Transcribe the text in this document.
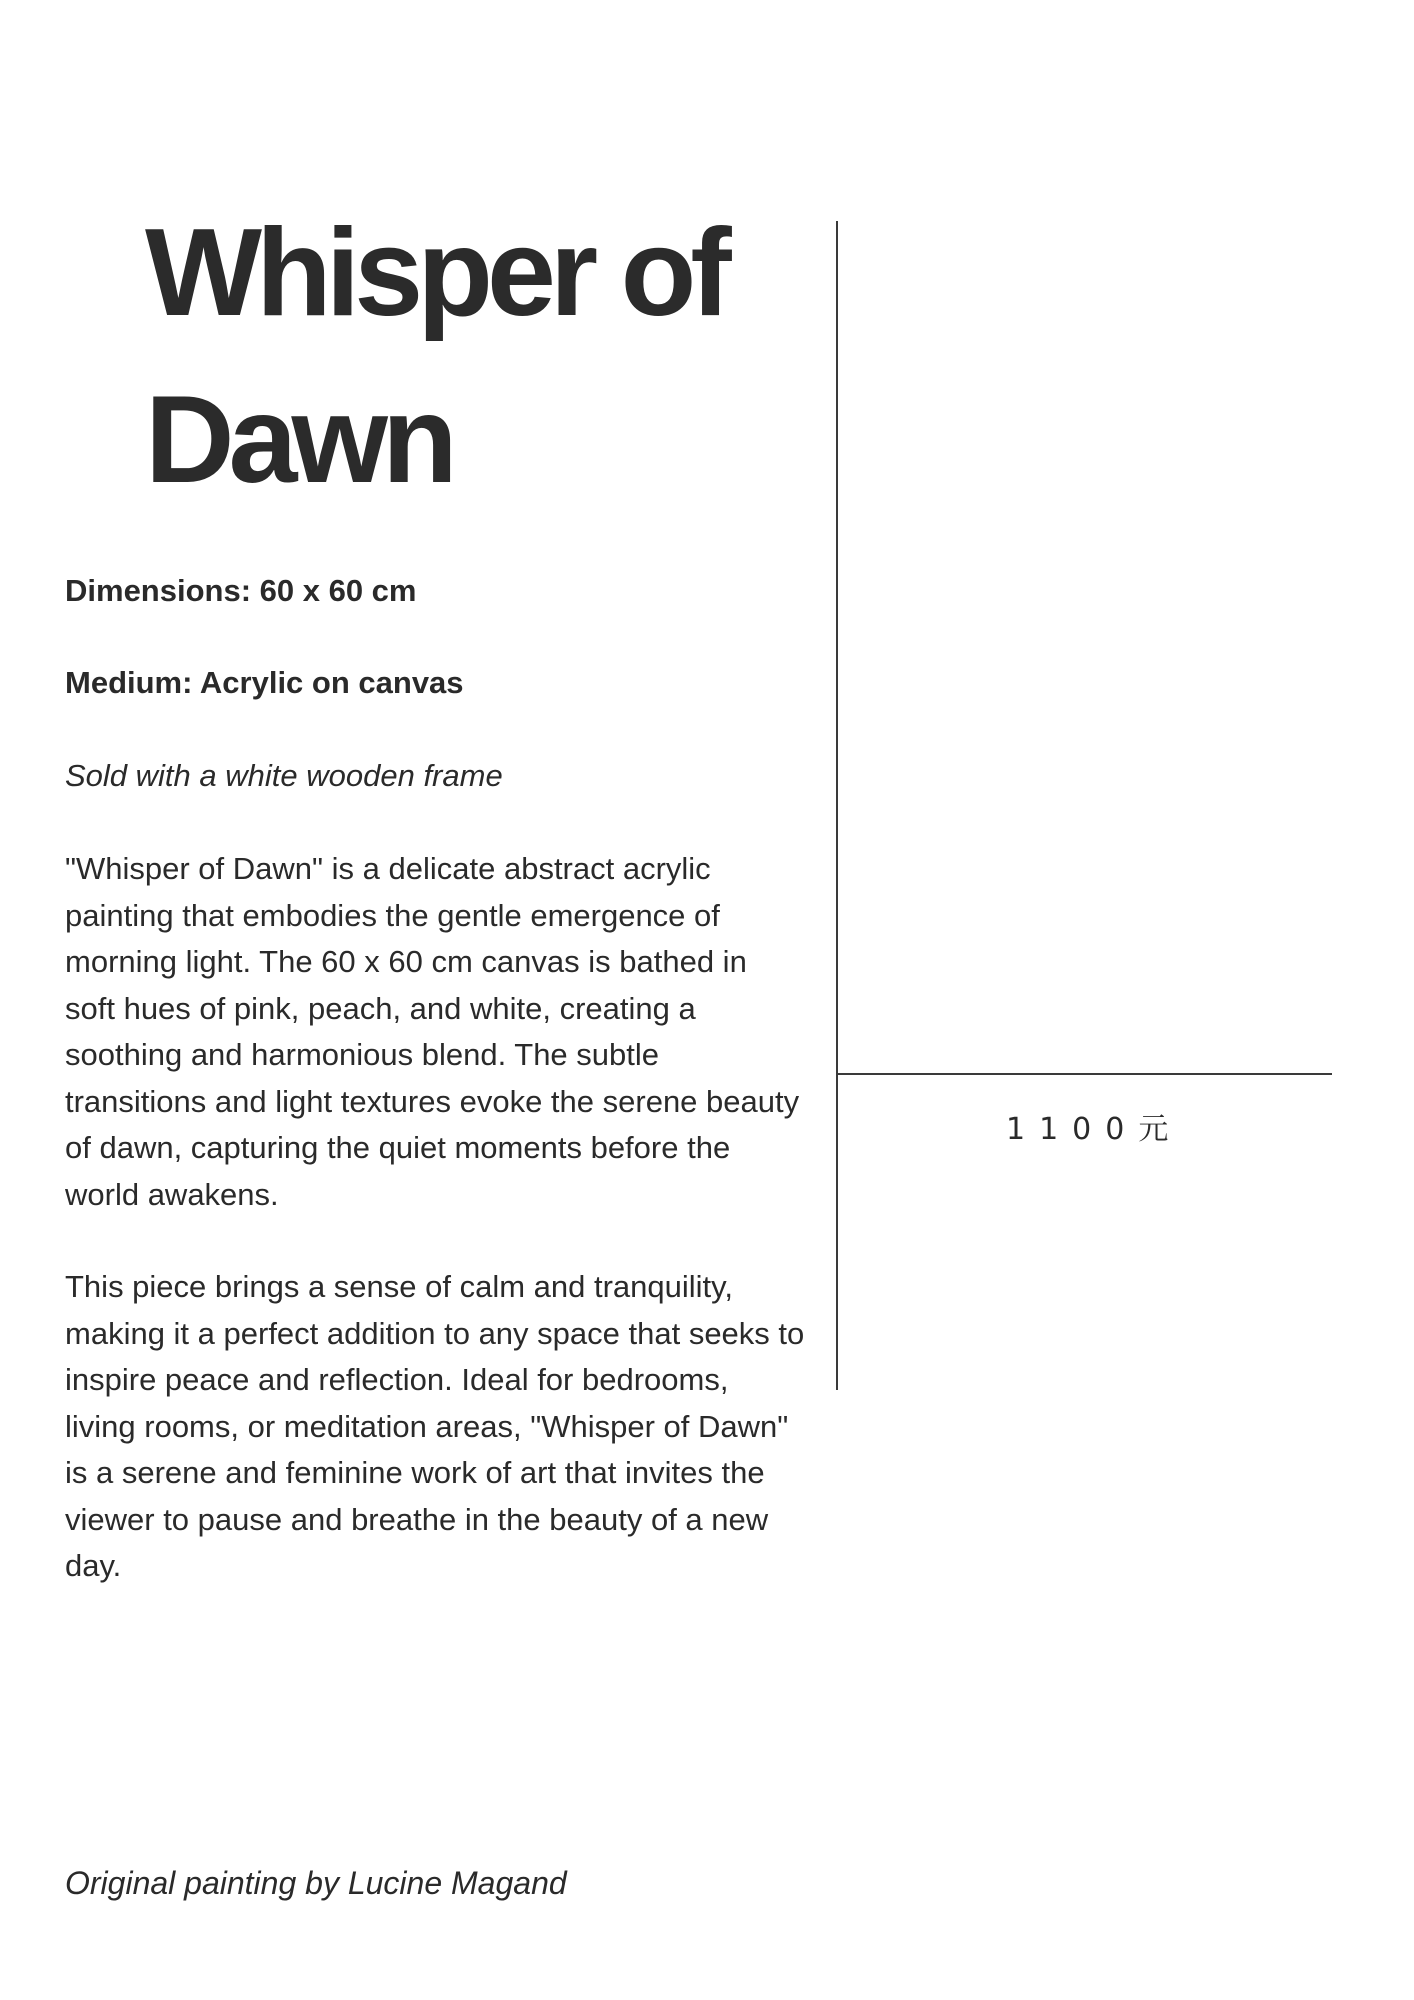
Whisper of
Dawn

Dimensions: 60 x 60 cm

Medium: Acrylic on canvas

Sold with a white wooden frame

"Whisper of Dawn" is a delicate abstract acrylic painting that embodies the gentle emergence of morning light. The 60 x 60 cm canvas is bathed in soft hues of pink, peach, and white, creating a soothing and harmonious blend. The subtle transitions and light textures evoke the serene beauty of dawn, capturing the quiet moments before the world awakens.

This piece brings a sense of calm and tranquility, making it a perfect addition to any space that seeks to inspire peace and reflection. Ideal for bedrooms, living rooms, or meditation areas, "Whisper of Dawn" is a serene and feminine work of art that invites the viewer to pause and breathe in the beauty of a new day.

1100元

Original painting by Lucine Magand
